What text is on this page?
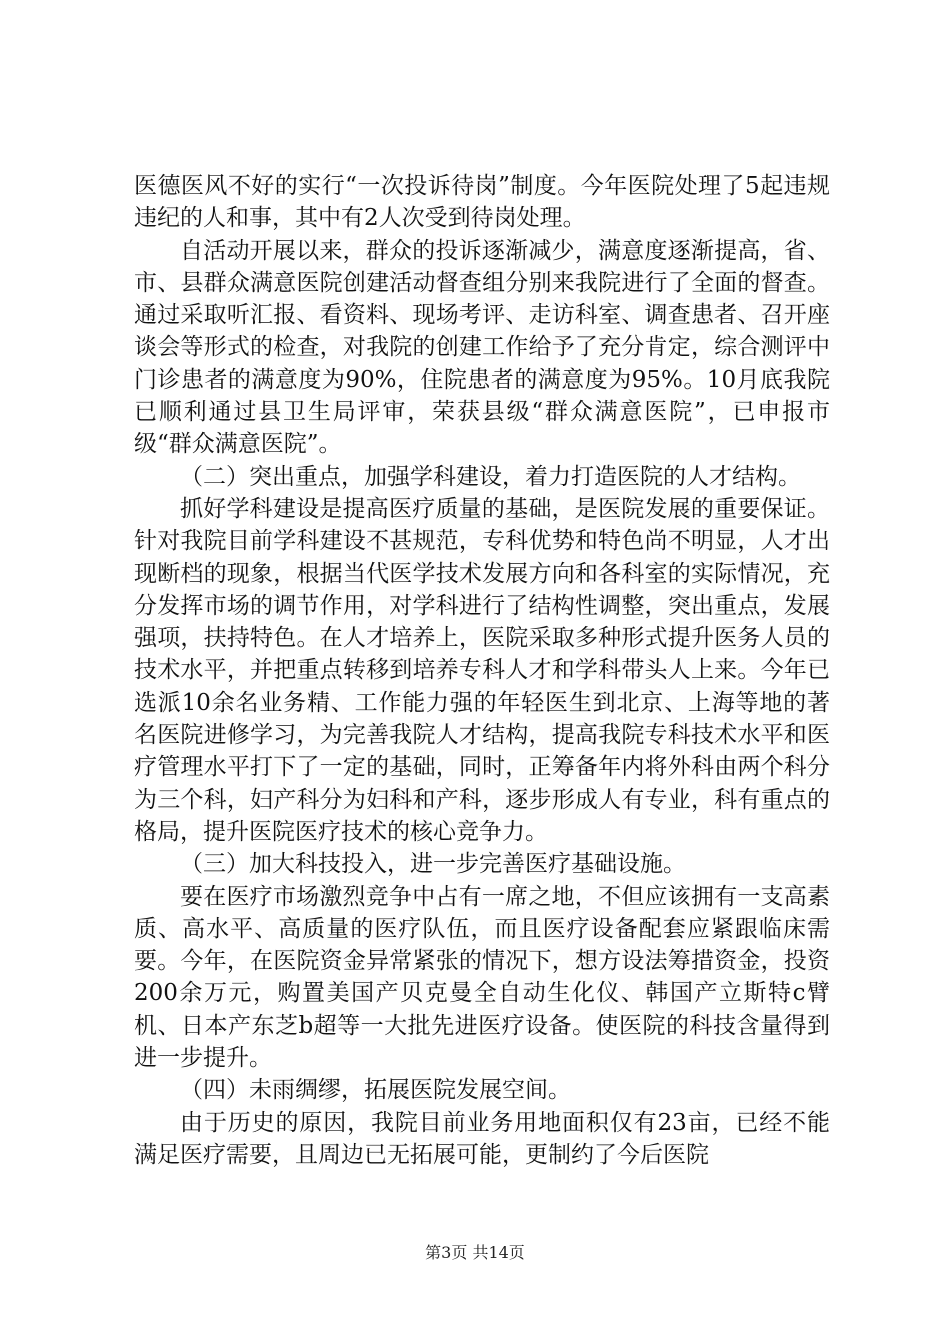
医德医风不好的实行“一次投诉待岗”制度。今年医院处理了5起违规违纪的人和事，其中有2人次受到待岗处理。

自活动开展以来，群众的投诉逐渐减少，满意度逐渐提高，省、市、县群众满意医院创建活动督查组分别来我院进行了全面的督查。通过采取听汇报、看资料、现场考评、走访科室、调查患者、召开座谈会等形式的检查，对我院的创建工作给予了充分肯定，综合测评中门诊患者的满意度为90%，住院患者的满意度为95%。10月底我院已顺利通过县卫生局评审，荣获县级“群众满意医院”，已申报市级“群众满意医院”。

（二）突出重点，加强学科建设，着力打造医院的人才结构。

抓好学科建设是提高医疗质量的基础，是医院发展的重要保证。针对我院目前学科建设不甚规范，专科优势和特色尚不明显，人才出现断档的现象，根据当代医学技术发展方向和各科室的实际情况，充分发挥市场的调节作用，对学科进行了结构性调整，突出重点，发展强项，扶持特色。在人才培养上，医院采取多种形式提升医务人员的技术水平，并把重点转移到培养专科人才和学科带头人上来。今年已选派10余名业务精、工作能力强的年轻医生到北京、上海等地的著名医院进修学习，为完善我院人才结构，提高我院专科技术水平和医疗管理水平打下了一定的基础，同时，正筹备年内将外科由两个科分为三个科，妇产科分为妇科和产科，逐步形成人有专业，科有重点的格局，提升医院医疗技术的核心竞争力。

（三）加大科技投入，进一步完善医疗基础设施。

要在医疗市场激烈竞争中占有一席之地，不但应该拥有一支高素质、高水平、高质量的医疗队伍，而且医疗设备配套应紧跟临床需要。今年，在医院资金异常紧张的情况下，想方设法筹措资金，投资200余万元，购置美国产贝克曼全自动生化仪、韩国产立斯特c臂机、日本产东芝b超等一大批先进医疗设备。使医院的科技含量得到进一步提升。

（四）未雨绸缪，拓展医院发展空间。

由于历史的原因，我院目前业务用地面积仅有23亩，已经不能满足医疗需要，且周边已无拓展可能，更制约了今后医院

第3页 共14页
